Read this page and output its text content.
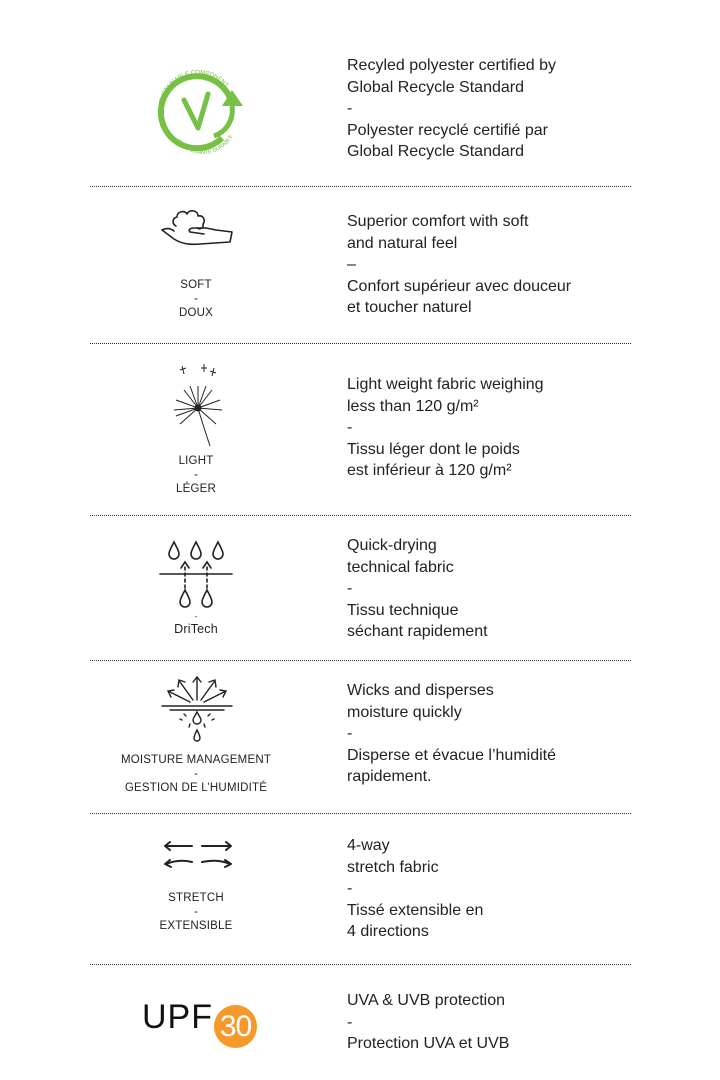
SUSTAINABLE COMPONENT
COMPOSANTE DURABLE
Recyled polyester certified by
Global Recycle Standard
-
Polyester recyclé certifié par
Global Recycle Standard
SOFT
-
DOUX
Superior comfort with soft
and natural feel
–
Confort supérieur avec douceur
et toucher naturel
LIGHT
-
LÉGER
Light weight fabric weighing
less than 120 g/m²
-
Tissu léger dont le poids
est inférieur à 120 g/m²
-
DriTech
Quick-drying
technical fabric
-
Tissu technique
séchant rapidement
MOISTURE MANAGEMENT
-
GESTION DE L’HUMIDITÉ
Wicks and disperses
moisture quickly
-
Disperse et évacue l’humidité
rapidement.
STRETCH
-
EXTENSIBLE
4-way
stretch fabric
-
Tissé extensible en
4 directions
UPF 30
UVA & UVB protection
-
Protection UVA et UVB
